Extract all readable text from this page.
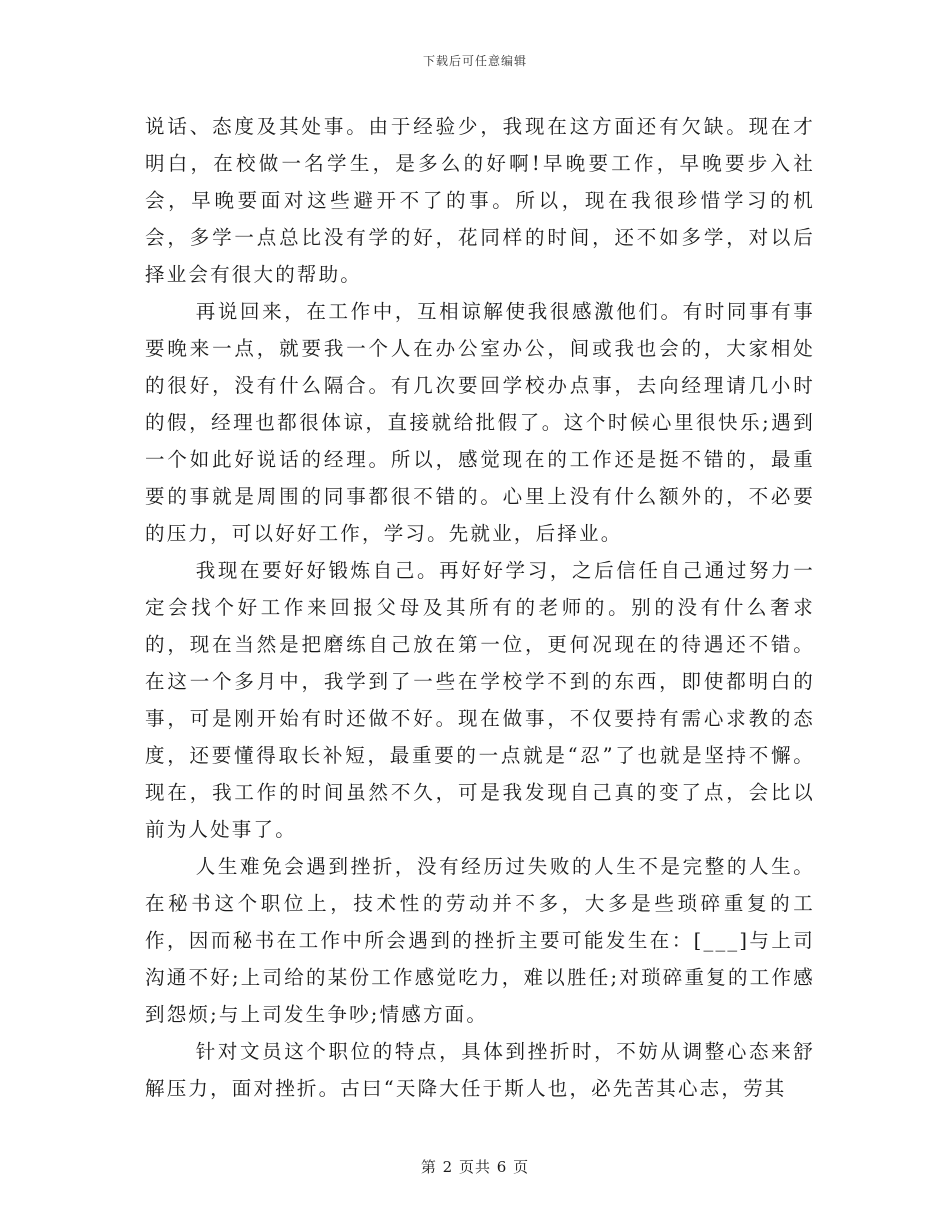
下载后可任意编辑

说话、态度及其处事。由于经验少，我现在这方面还有欠缺。现在才明白，在校做一名学生，是多么的好啊!早晚要工作，早晚要步入社会，早晚要面对这些避开不了的事。所以，现在我很珍惜学习的机会，多学一点总比没有学的好，花同样的时间，还不如多学，对以后择业会有很大的帮助。

再说回来，在工作中，互相谅解使我很感激他们。有时同事有事要晚来一点，就要我一个人在办公室办公，间或我也会的，大家相处的很好，没有什么隔合。有几次要回学校办点事，去向经理请几小时的假，经理也都很体谅，直接就给批假了。这个时候心里很快乐;遇到一个如此好说话的经理。所以，感觉现在的工作还是挺不错的，最重要的事就是周围的同事都很不错的。心里上没有什么额外的，不必要的压力，可以好好工作，学习。先就业，后择业。

我现在要好好锻炼自己。再好好学习，之后信任自己通过努力一定会找个好工作来回报父母及其所有的老师的。别的没有什么奢求的，现在当然是把磨练自己放在第一位，更何况现在的待遇还不错。在这一个多月中，我学到了一些在学校学不到的东西，即使都明白的事，可是刚开始有时还做不好。现在做事，不仅要持有需心求教的态度，还要懂得取长补短，最重要的一点就是“忍”了也就是坚持不懈。现在，我工作的时间虽然不久，可是我发现自己真的变了点，会比以前为人处事了。

人生难免会遇到挫折，没有经历过失败的人生不是完整的人生。在秘书这个职位上，技术性的劳动并不多，大多是些琐碎重复的工作，因而秘书在工作中所会遇到的挫折主要可能发生在：[___]与上司沟通不好;上司给的某份工作感觉吃力，难以胜任;对琐碎重复的工作感到怨烦;与上司发生争吵;情感方面。

针对文员这个职位的特点，具体到挫折时，不妨从调整心态来舒解压力，面对挫折。古曰“天降大任于斯人也，必先苦其心志，劳其

第 2 页共 6 页
